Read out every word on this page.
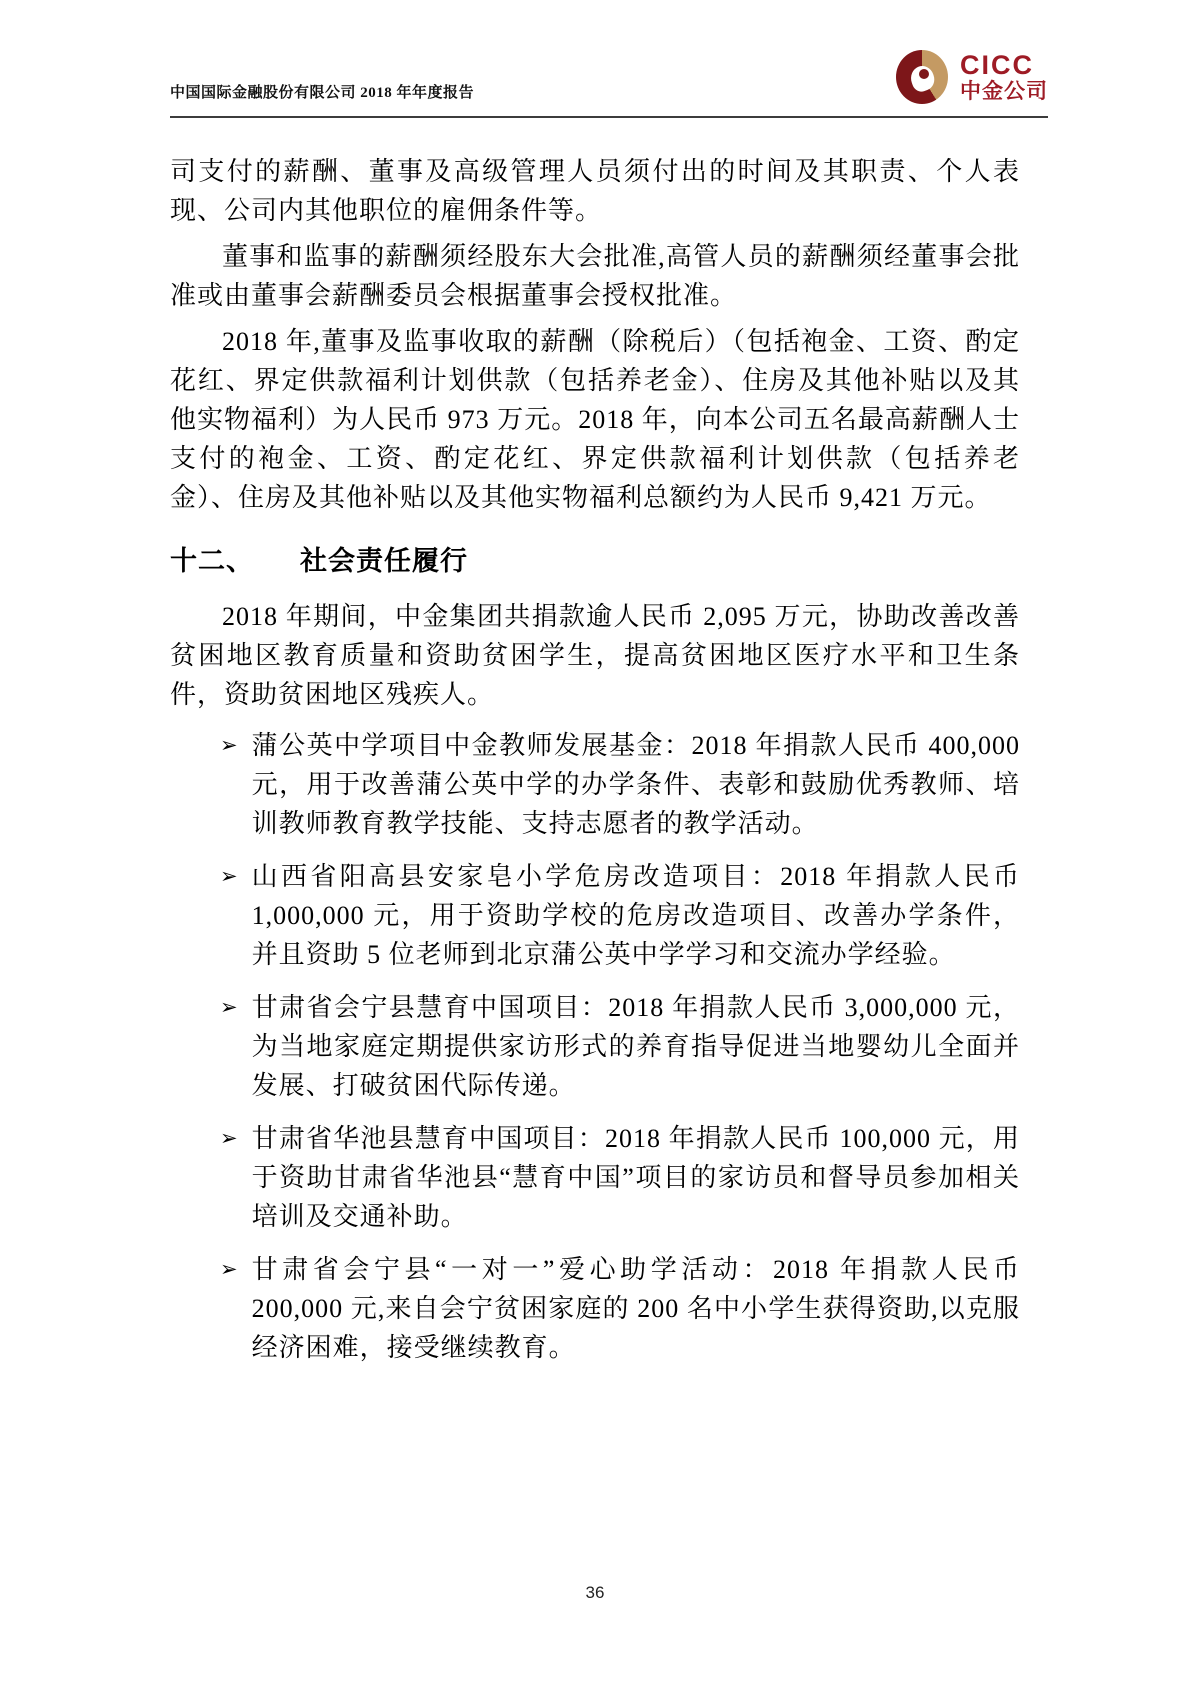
中国国际金融股份有限公司 2018 年年度报告
CICC
中金公司

司支付的薪酬、董事及高级管理人员须付出的时间及其职责、个人表现、公司内其他职位的雇佣条件等。

董事和监事的薪酬须经股东大会批准,高管人员的薪酬须经董事会批准或由董事会薪酬委员会根据董事会授权批准。

2018 年,董事及监事收取的薪酬（除税后）（包括袍金、工资、酌定花红、界定供款福利计划供款（包括养老金）、住房及其他补贴以及其他实物福利）为人民币 973 万元。2018 年，向本公司五名最高薪酬人士支付的袍金、工资、酌定花红、界定供款福利计划供款（包括养老金）、住房及其他补贴以及其他实物福利总额约为人民币 9,421 万元。

十二、 社会责任履行

2018 年期间，中金集团共捐款逾人民币 2,095 万元，协助改善改善贫困地区教育质量和资助贫困学生，提高贫困地区医疗水平和卫生条件，资助贫困地区残疾人。

➢ 蒲公英中学项目中金教师发展基金：2018 年捐款人民币 400,000 元，用于改善蒲公英中学的办学条件、表彰和鼓励优秀教师、培训教师教育教学技能、支持志愿者的教学活动。
➢ 山西省阳高县安家皂小学危房改造项目：2018 年捐款人民币 1,000,000 元，用于资助学校的危房改造项目、改善办学条件，并且资助 5 位老师到北京蒲公英中学学习和交流办学经验。
➢ 甘肃省会宁县慧育中国项目：2018 年捐款人民币 3,000,000 元，为当地家庭定期提供家访形式的养育指导促进当地婴幼儿全面并发展、打破贫困代际传递。
➢ 甘肃省华池县慧育中国项目：2018 年捐款人民币 100,000 元，用于资助甘肃省华池县“慧育中国”项目的家访员和督导员参加相关培训及交通补助。
➢ 甘肃省会宁县“一对一”爱心助学活动：2018 年捐款人民币 200,000 元,来自会宁贫困家庭的 200 名中小学生获得资助,以克服经济困难，接受继续教育。
36
